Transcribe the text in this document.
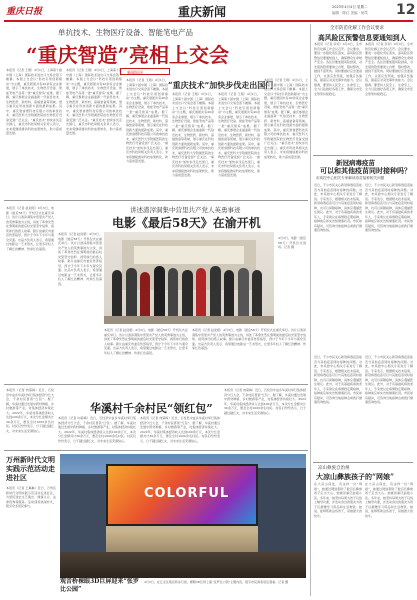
重庆日报	重庆新闻	2023年4月4日 星期二
编辑 · 陈红 美编 · 何茂 12
单抗技术、生物医疗设备、智能笔电产品
“重庆智造”亮相上交会
新闻短评
“重庆技术”加快步伐走出国门
本报讯（记者 王翔）4月1日，上海第十届中国（上海）国际技术进出口交易会落下帷幕。本届上交会以“科技引领创新驱动”为主题，重庆展团共有40余家企业参展，展示了单抗技术、生物医疗设备、智能笔电产品等一批“重庆智造”成果。据了解，重庆参展企业涵盖新一代信息技术、生物医药、新材料、高端装备等领域，展示重庆在科技创新方面的最新成果。其中，重庆智睿德科技有限公司的单抗技术、重庆医科大学附属医院的生物医疗设备受到广泛关注。“重庆技术”加快步伐走出国门，重庆市科技局相关负责人表示，未来将继续推动科技成果转化，助力高质量发展。
本报讯（记者 王翔）4月1日，上海第十届中国（上海）国际技术进出口交易会落下帷幕。本届上交会以“科技引领创新驱动”为主题，重庆展团共有40余家企业参展，展示了单抗技术、生物医疗设备、智能笔电产品等一批“重庆智造”成果。据了解，重庆参展企业涵盖新一代信息技术、生物医药、新材料、高端装备等领域，展示重庆在科技创新方面的最新成果。其中，重庆智睿德科技有限公司的单抗技术、重庆医科大学附属医院的生物医疗设备受到广泛关注。“重庆技术”加快步伐走出国门，重庆市科技局相关负责人表示，未来将继续推动科技成果转化，助力高质量发展。
本报讯（记者 王翔）4月1日，上海第十届中国（上海）国际技术进出口交易会落下帷幕。本届上交会以“科技引领创新驱动”为主题，重庆展团共有40余家企业参展，展示了单抗技术、生物医疗设备、智能笔电产品等一批“重庆智造”成果。据了解，重庆参展企业涵盖新一代信息技术、生物医药、新材料、高端装备等领域，展示重庆在科技创新方面的最新成果。其中，重庆智睿德科技有限公司的单抗技术、重庆医科大学附属医院的生物医疗设备受到广泛关注。“重庆技术”加快步伐走出国门，重庆市科技局相关负责人表示，未来将继续推动科技成果转化，助力高质量发展。
本报讯（记者 王翔）4月1日，上海第十届中国（上海）国际技术进出口交易会落下帷幕。本届上交会以“科技引领创新驱动”为主题，重庆展团共有40余家企业参展，展示了单抗技术、生物医疗设备、智能笔电产品等一批“重庆智造”成果。据了解，重庆参展企业涵盖新一代信息技术、生物医药、新材料、高端装备等领域，展示重庆在科技创新方面的最新成果。其中，重庆智睿德科技有限公司的单抗技术、重庆医科大学附属医院的生物医疗设备受到广泛关注。“重庆技术”加快步伐走出国门，重庆市科技局相关负责人表示，未来将继续推动科技成果转化，助力高质量发展。
本报讯（记者 王翔）4月1日，上海第十届中国（上海）国际技术进出口交易会落下帷幕。本届上交会以“科技引领创新驱动”为主题，重庆展团共有40余家企业参展，展示了单抗技术、生物医疗设备、智能笔电产品等一批“重庆智造”成果。据了解，重庆参展企业涵盖新一代信息技术、生物医药、新材料、高端装备等领域，展示重庆在科技创新方面的最新成果。其中，重庆智睿德科技有限公司的单抗技术、重庆医科大学附属医院的生物医疗设备受到广泛关注。“重庆技术”加快步伐走出国门，重庆市科技局相关负责人表示，未来将继续推动科技成果转化，助力高质量发展。
本报讯（记者 王翔）4月1日，上海第十届中国（上海）国际技术进出口交易会落下帷幕。本届上交会以“科技引领创新驱动”为主题，重庆展团共有40余家企业参展，展示了单抗技术、生物医疗设备、智能笔电产品等一批“重庆智造”成果。据了解，重庆参展企业涵盖新一代信息技术、生物医药、新材料、高端装备等领域，展示重庆在科技创新方面的最新成果。其中，重庆智睿德科技有限公司的单抗技术、重庆医科大学附属医院的生物医疗设备受到广泛关注。“重庆技术”加快步伐走出国门，重庆市科技局相关负责人表示，未来将继续推动科技成果转化，助力高质量发展。
讲述渣滓洞集中营里共产党人英勇事迹
电影《最后58天》在渝开机
本报讯（记者 赵迎昭）4月3日，电影《最后58天》开机仪式在重庆举行。该片以渣滓洞集中营里共产党人的英勇事迹为主线，讲述了革命先烈在黎明前的最后时光里坚守信仰、视死如归的感人故事。影片由重庆市委宣传部指导，预计于今年下半年与观众见面。出品方负责人表示，希望通过电影这一艺术形式，让更多年轻人了解红岩精神、传承红色基因。
本报讯（记者 赵迎昭）4月3日，电影《最后58天》开机仪式在重庆举行。该片以渣滓洞集中营里共产党人的英勇事迹为主线，讲述了革命先烈在黎明前的最后时光里坚守信仰、视死如归的感人故事。影片由重庆市委宣传部指导，预计于今年下半年与观众见面。出品方负责人表示，希望通过电影这一艺术形式，让更多年轻人了解红岩精神、传承红色基因。
4月3日，电影《最后58天》开机仪式现场。记者 摄
本报讯（记者 赵迎昭）4月3日，电影《最后58天》开机仪式在重庆举行。该片以渣滓洞集中营里共产党人的英勇事迹为主线，讲述了革命先烈在黎明前的最后时光里坚守信仰、视死如归的感人故事。影片由重庆市委宣传部指导，预计于今年下半年与观众见面。出品方负责人表示，希望通过电影这一艺术形式，让更多年轻人了解红岩精神、传承红色基因。
本报讯（记者 赵迎昭）4月3日，电影《最后58天》开机仪式在重庆举行。该片以渣滓洞集中营里共产党人的英勇事迹为主线，讲述了革命先烈在黎明前的最后时光里坚守信仰、视死如归的感人故事。影片由重庆市委宣传部指导，预计于今年下半年与观众见面。出品方负责人表示，希望通过电影这一艺术形式，让更多年轻人了解红岩精神、传承红色基因。
本报讯（记者 向菊梅）近日，石柱县中益乡华溪村举行集体经济分红大会，千余村民喜领“红包”。据了解，华溪村通过发展中药材种植、乡村旅游等产业，村集体经济持续壮大。2022年，华溪村集体经济收入达到100余万元，本次分红金额共计30余万元，惠及全村1000余名村民。村民们纷纷表示，日子越过越红火，对未来生活充满信心。
华溪村千余村民“领红包”
本报讯（记者 向菊梅）近日，石柱县中益乡华溪村举行集体经济分红大会，千余村民喜领“红包”。据了解，华溪村通过发展中药材种植、乡村旅游等产业，村集体经济持续壮大。2022年，华溪村集体经济收入达到100余万元，本次分红金额共计30余万元，惠及全村1000余名村民。村民们纷纷表示，日子越过越红火，对未来生活充满信心。
本报讯（记者 向菊梅）近日，石柱县中益乡华溪村举行集体经济分红大会，千余村民喜领“红包”。据了解，华溪村通过发展中药材种植、乡村旅游等产业，村集体经济持续壮大。2022年，华溪村集体经济收入达到100余万元，本次分红金额共计30余万元，惠及全村1000余名村民。村民们纷纷表示，日子越过越红火，对未来生活充满信心。
本报讯（记者 向菊梅）近日，石柱县中益乡华溪村举行集体经济分红大会，千余村民喜领“红包”。据了解，华溪村通过发展中药材种植、乡村旅游等产业，村集体经济持续壮大。2022年，华溪村集体经济收入达到100余万元，本次分红金额共计30余万元，惠及全村1000余名村民。村民们纷纷表示，日子越过越红火，对未来生活充满信心。
万州新时代文明实践示范活动走进社区
本报讯（记者 王琳琳）近日，万州区新时代文明实践示范活动走进社区，为居民送去文艺演出、健康义诊、法律咨询等服务。活动现场热闹非凡，吸引众多居民参与。
COLORFUL
观音桥裸眼3D巨屏迎来“张罗比公园”
4月3日，在江北区观音桥步行街，裸眼3D巨屏上演“张罗比公园”主题内容，吸引市民游客驻足观看。记者 摄
全市防范化解工作会议要求
高风险区预警信息要通知到人
本报讯（记者 李珩）4月3日，全市防范化解工作会议召开。会议要求，要进一步强化责任落实，高风险区预警信息要通知到人，确保群众生命财产安全。各区县要加强风险排查，对发现的隐患要建立台账、限时整改，做到不留死角。同时要做好应急准备工作，完善应急预案，加强应急演练，提高应对突发事件的能力。会议强调，要坚持人民至上、生命至上，全力以赴做好各项工作，确保全市安全形势持续稳定。
本报讯（记者 李珩）4月3日，全市防范化解工作会议召开。会议要求，要进一步强化责任落实，高风险区预警信息要通知到人，确保群众生命财产安全。各区县要加强风险排查，对发现的隐患要建立台账、限时整改，做到不留死角。同时要做好应急准备工作，完善应急预案，加强应急演练，提高应对突发事件的能力。会议强调，要坚持人民至上、生命至上，全力以赴做好各项工作，确保全市安全形势持续稳定。
新冠病毒疫苗
可以和其他疫苗同时接种吗？
市疾控中心相关专家解读疫苗接种相关问题
近日，不少市民关心新冠病毒疫苗能否与其他疫苗同时接种的问题。对此，市疾控中心相关专家进行了解读。专家表示，根据相关技术指南，新冠病毒疫苗可以与其他疫苗同时接种，也可以间隔接种，具体应遵循医生建议。此外，对于有基础疾病的老年人，专家建议在病情稳定期接种，接种前应如实告知健康状况。市民如有疑问，可咨询当地接种点或拨打健康咨询热线。
近日，不少市民关心新冠病毒疫苗能否与其他疫苗同时接种的问题。对此，市疾控中心相关专家进行了解读。专家表示，根据相关技术指南，新冠病毒疫苗可以与其他疫苗同时接种，也可以间隔接种，具体应遵循医生建议。此外，对于有基础疾病的老年人，专家建议在病情稳定期接种，接种前应如实告知健康状况。市民如有疑问，可咨询当地接种点或拨打健康咨询热线。
近日，不少市民关心新冠病毒疫苗能否与其他疫苗同时接种的问题。对此，市疾控中心相关专家进行了解读。专家表示，根据相关技术指南，新冠病毒疫苗可以与其他疫苗同时接种，也可以间隔接种，具体应遵循医生建议。此外，对于有基础疾病的老年人，专家建议在病情稳定期接种，接种前应如实告知健康状况。市民如有疑问，可咨询当地接种点或拨打健康咨询热线。
近日，不少市民关心新冠病毒疫苗能否与其他疫苗同时接种的问题。对此，市疾控中心相关专家进行了解读。专家表示，根据相关技术指南，新冠病毒疫苗可以与其他疫苗同时接种，也可以间隔接种，具体应遵循医生建议。此外，对于有基础疾病的老年人，专家建议在病情稳定期接种，接种前应如实告知健康状况。市民如有疑问，可咨询当地接种点或拨打健康咨询热线。
凉山彝族自治州
大凉山彝族孩子的“网娘”
在大凉山深处，有这样一位“网娘”，她通过网络帮助了数百名彝族孩子走出大山。她就是重庆姑娘小张。多年来，她坚持每周为孩子们线上辅导功课，并发动身边的朋友为孩子们捐赠学习用品和生活物资。她说，能够帮助这些孩子，是她最大的快乐。
在大凉山深处，有这样一位“网娘”，她通过网络帮助了数百名彝族孩子走出大山。她就是重庆姑娘小张。多年来，她坚持每周为孩子们线上辅导功课，并发动身边的朋友为孩子们捐赠学习用品和生活物资。她说，能够帮助这些孩子，是她最大的快乐。
